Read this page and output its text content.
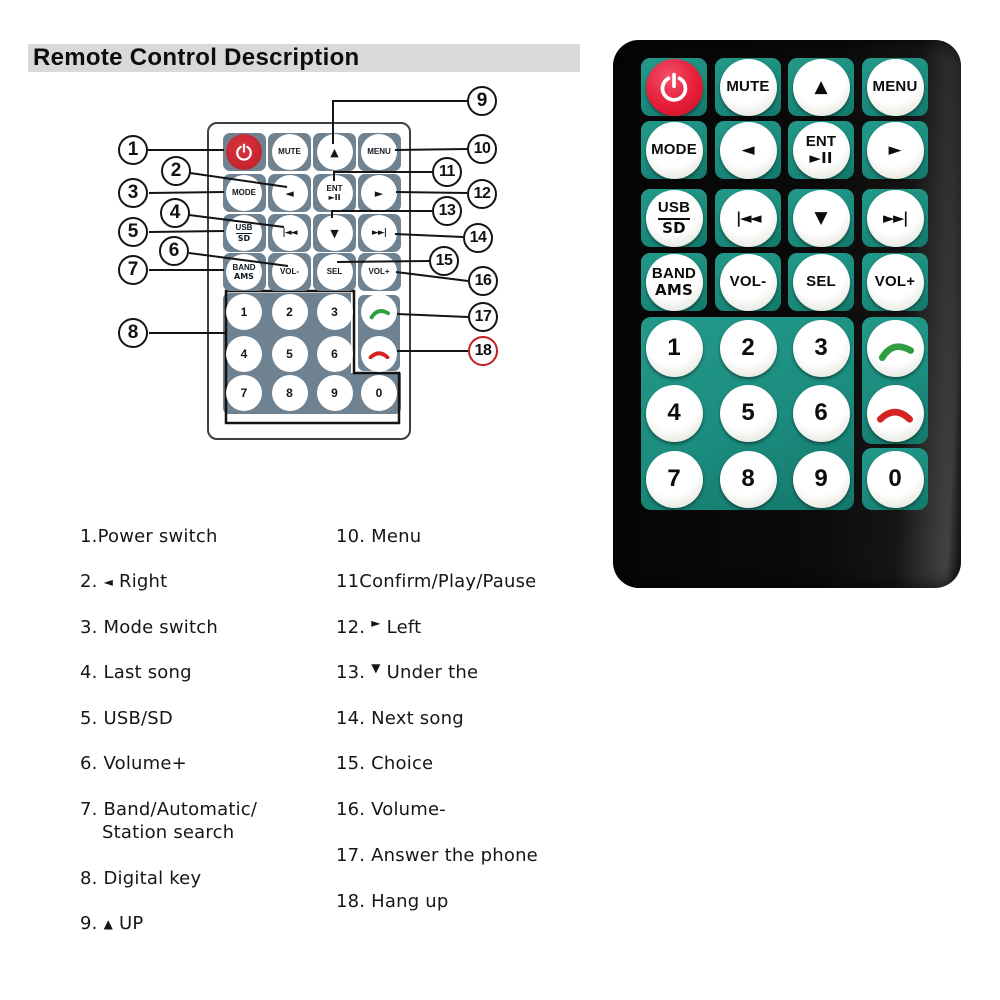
Remote Control Description
MUTE	▲	MENU
MODE	◄	ENT
►II	►
USB
SD
|◄◄	▼	►►|
BAND
AMS VOL-	SEL	VOL+
1	2 3
4	5 6
7	8 9	0
MUTE	▲	MENU
MODE	◄	ENT
►II	►
USB
SD
|◄◄	▼	►►|
BAND
AMS
VOL-	SEL	VOL+
1	2	3
4	5	6
7	8	9	0
1
2
3
4
5
6
7
8
9
10
11
12
13
14
15
16
17
18
1.Power switch
2. ◄ Right
3. Mode switch
4. Last song
5. USB/SD
6. Volume+
7. Band/Automatic/
Station search
8. Digital key
9. ▲ UP
10. Menu
11Confirm/Play/Pause
12. ► Left
13. ▼ Under the
14. Next song
15. Choice
16. Volume-
17. Answer the phone
18. Hang up
